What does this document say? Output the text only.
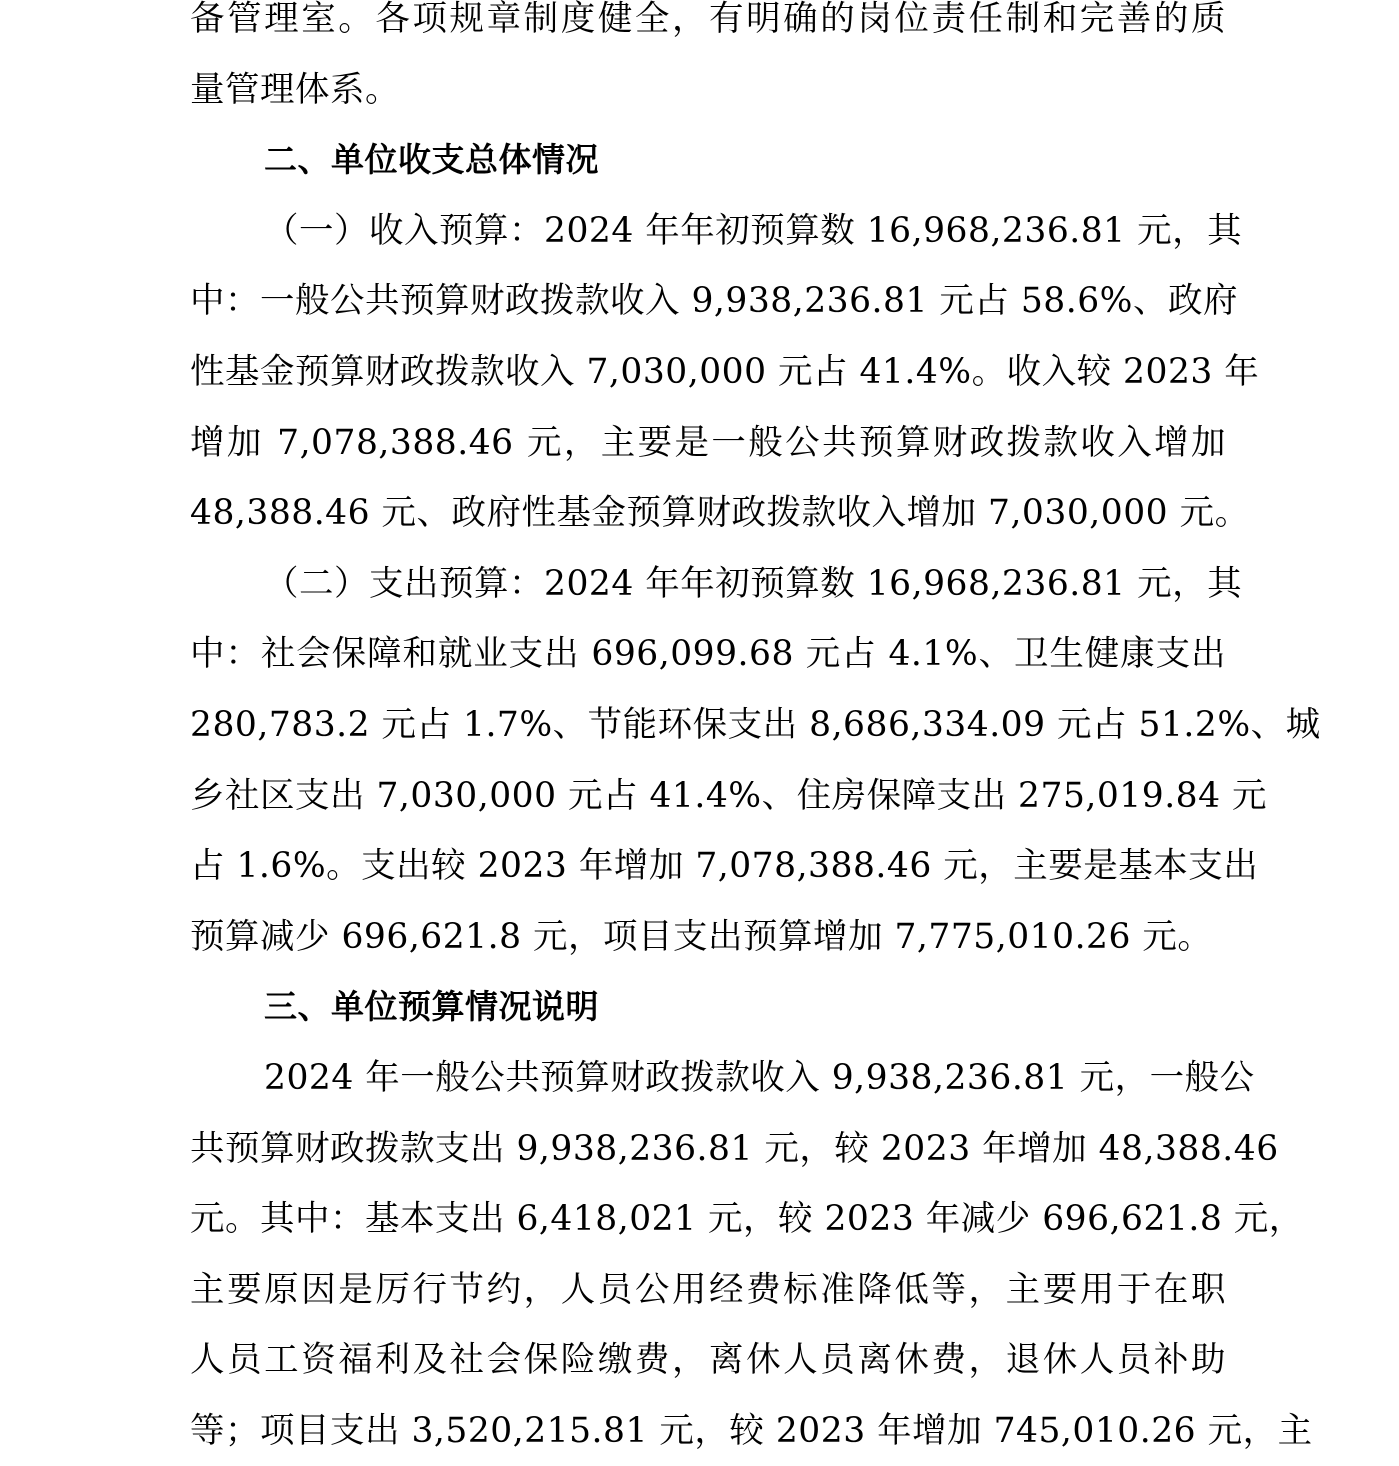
备管理室。各项规章制度健全，有明确的岗位责任制和完善的质
量管理体系。
二、单位收支总体情况
（一）收入预算：2024 年年初预算数 16,968,236.81 元，其
中：一般公共预算财政拨款收入 9,938,236.81 元占 58.6%、政府
性基金预算财政拨款收入 7,030,000 元占 41.4%。收入较 2023 年
增加 7,078,388.46 元，主要是一般公共预算财政拨款收入增加
48,388.46 元、政府性基金预算财政拨款收入增加 7,030,000 元。
（二）支出预算：2024 年年初预算数 16,968,236.81 元，其
中：社会保障和就业支出 696,099.68 元占 4.1%、卫生健康支出
280,783.2 元占 1.7%、节能环保支出 8,686,334.09 元占 51.2%、城
乡社区支出 7,030,000 元占 41.4%、住房保障支出 275,019.84 元
占 1.6%。支出较 2023 年增加 7,078,388.46 元，主要是基本支出
预算减少 696,621.8 元，项目支出预算增加 7,775,010.26 元。
三、单位预算情况说明
2024 年一般公共预算财政拨款收入 9,938,236.81 元，一般公
共预算财政拨款支出 9,938,236.81 元，较 2023 年增加 48,388.46
元。其中：基本支出 6,418,021 元，较 2023 年减少 696,621.8 元，
主要原因是厉行节约，人员公用经费标准降低等，主要用于在职
人员工资福利及社会保险缴费，离休人员离休费，退休人员补助
等；项目支出 3,520,215.81 元，较 2023 年增加 745,010.26 元，主
